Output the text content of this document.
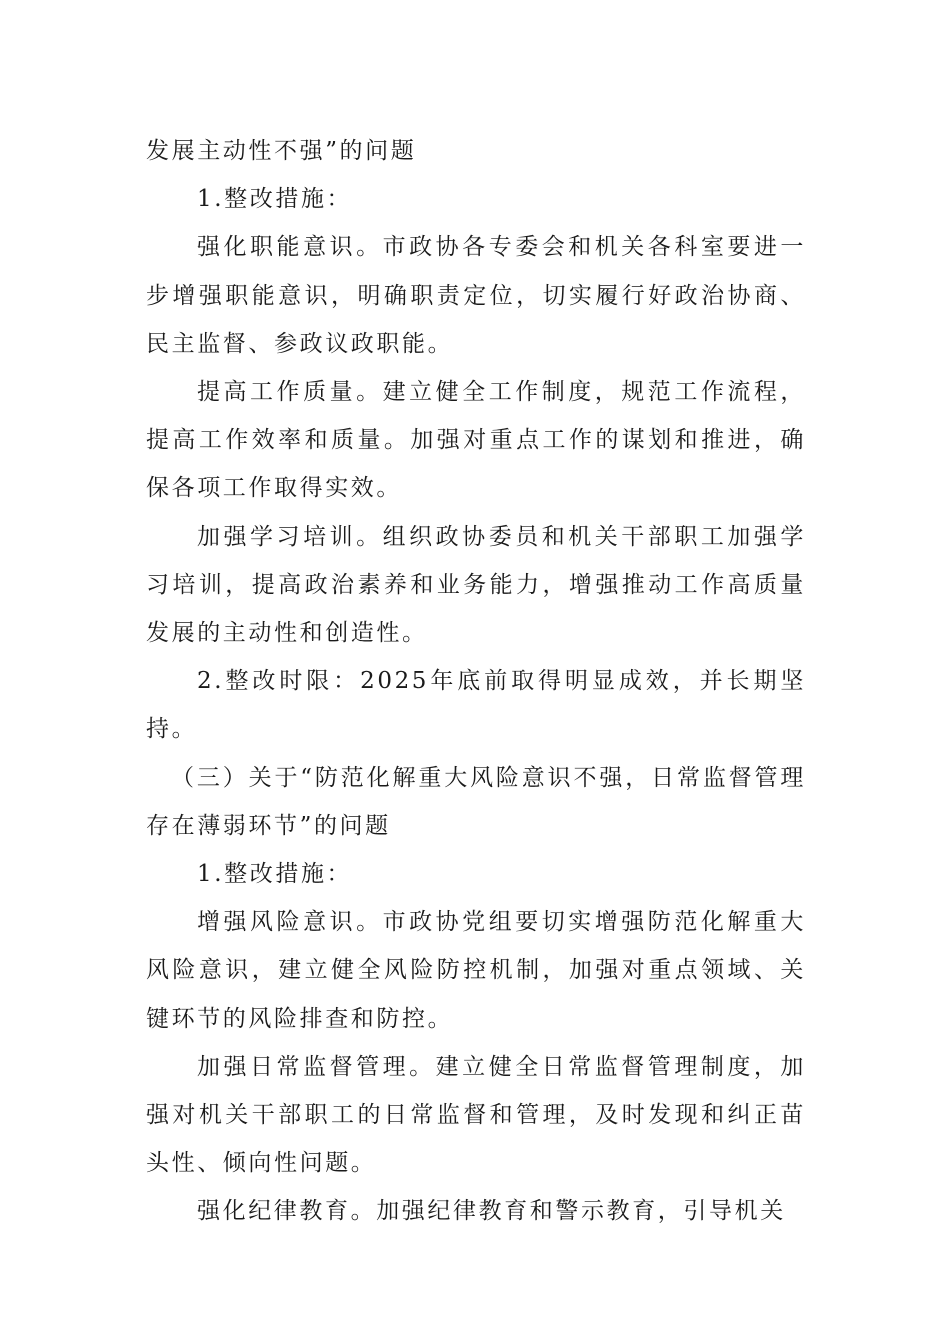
发展主动性不强”的问题

1.整改措施：

强化职能意识。市政协各专委会和机关各科室要进一步增强职能意识，明确职责定位，切实履行好政治协商、民主监督、参政议政职能。

提高工作质量。建立健全工作制度，规范工作流程，提高工作效率和质量。加强对重点工作的谋划和推进，确保各项工作取得实效。

加强学习培训。组织政协委员和机关干部职工加强学习培训，提高政治素养和业务能力，增强推动工作高质量发展的主动性和创造性。

2.整改时限：2025年底前取得明显成效，并长期坚持。

（三）关于“防范化解重大风险意识不强，日常监督管理存在薄弱环节”的问题

1.整改措施：

增强风险意识。市政协党组要切实增强防范化解重大风险意识，建立健全风险防控机制，加强对重点领域、关键环节的风险排查和防控。

加强日常监督管理。建立健全日常监督管理制度，加强对机关干部职工的日常监督和管理，及时发现和纠正苗头性、倾向性问题。

强化纪律教育。加强纪律教育和警示教育，引导机关
